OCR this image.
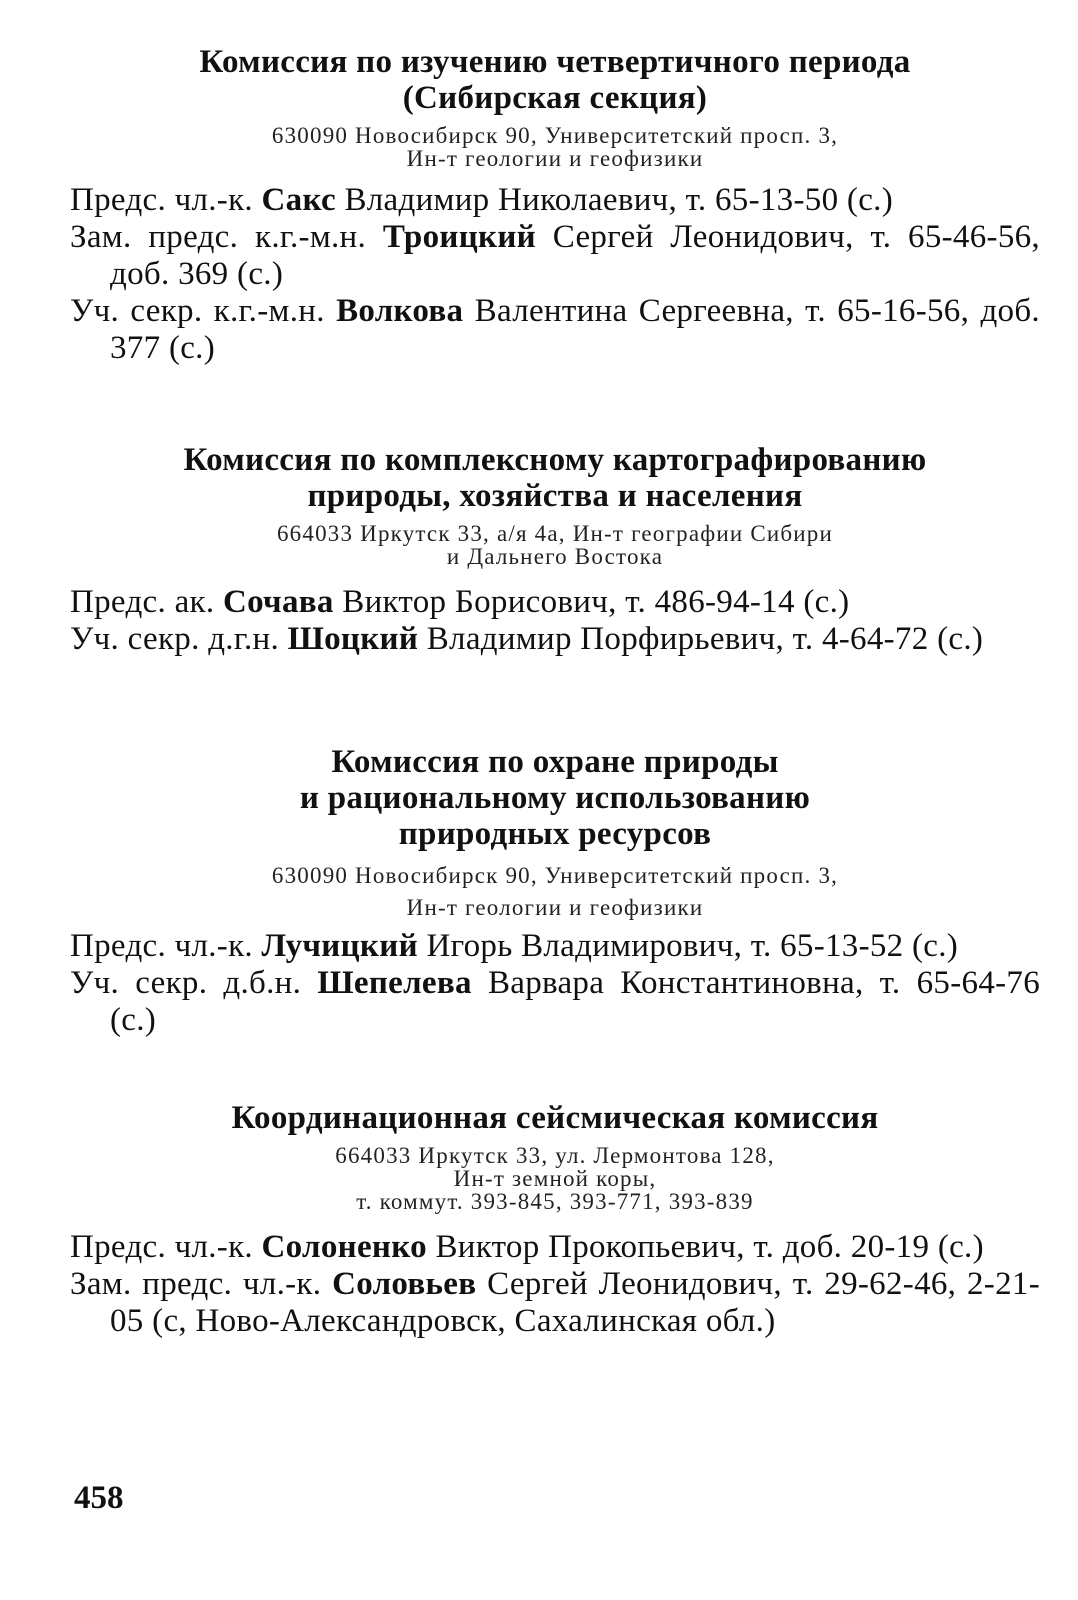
Комиссия по изучению четвертичного периода
(Сибирская секция)
630090 Новосибирск 90, Университетский просп. 3,
Ин-т геологии и геофизики
Предс. чл.-к. Сакс Владимир Николаевич, т. 65-13-50 (с.)
Зам. предс. к.г.-м.н. Троицкий Сергей Леонидович, т. 65-46-56, доб. 369 (с.)
Уч. секр. к.г.-м.н. Волкова Валентина Сергеевна, т. 65-16-56, доб. 377 (с.)
Комиссия по комплексному картографированию
природы, хозяйства и населения
664033 Иркутск 33, а/я 4а, Ин-т географии Сибири
и Дальнего Востока
Предс. ак. Сочава Виктор Борисович, т. 486-94-14 (с.)
Уч. секр. д.г.н. Шоцкий Владимир Порфирьевич, т. 4-64-72 (с.)
Комиссия по охране природы
и рациональному использованию
природных ресурсов
630090 Новосибирск 90, Университетский просп. 3,
Ин-т геологии и геофизики
Предс. чл.-к. Лучицкий Игорь Владимирович, т. 65-13-52 (с.)
Уч. секр. д.б.н. Шепелева Варвара Константиновна, т. 65-64-76 (с.)
Координационная сейсмическая комиссия
664033 Иркутск 33, ул. Лермонтова 128,
Ин-т земной коры,
т. коммут. 393-845, 393-771, 393-839
Предс. чл.-к. Солоненко Виктор Прокопьевич, т. доб. 20-19 (с.)
Зам. предс. чл.-к. Соловьев Сергей Леонидович, т. 29-62-46, 2-21-05 (с, Ново-Александровск, Сахалинская обл.)
458
